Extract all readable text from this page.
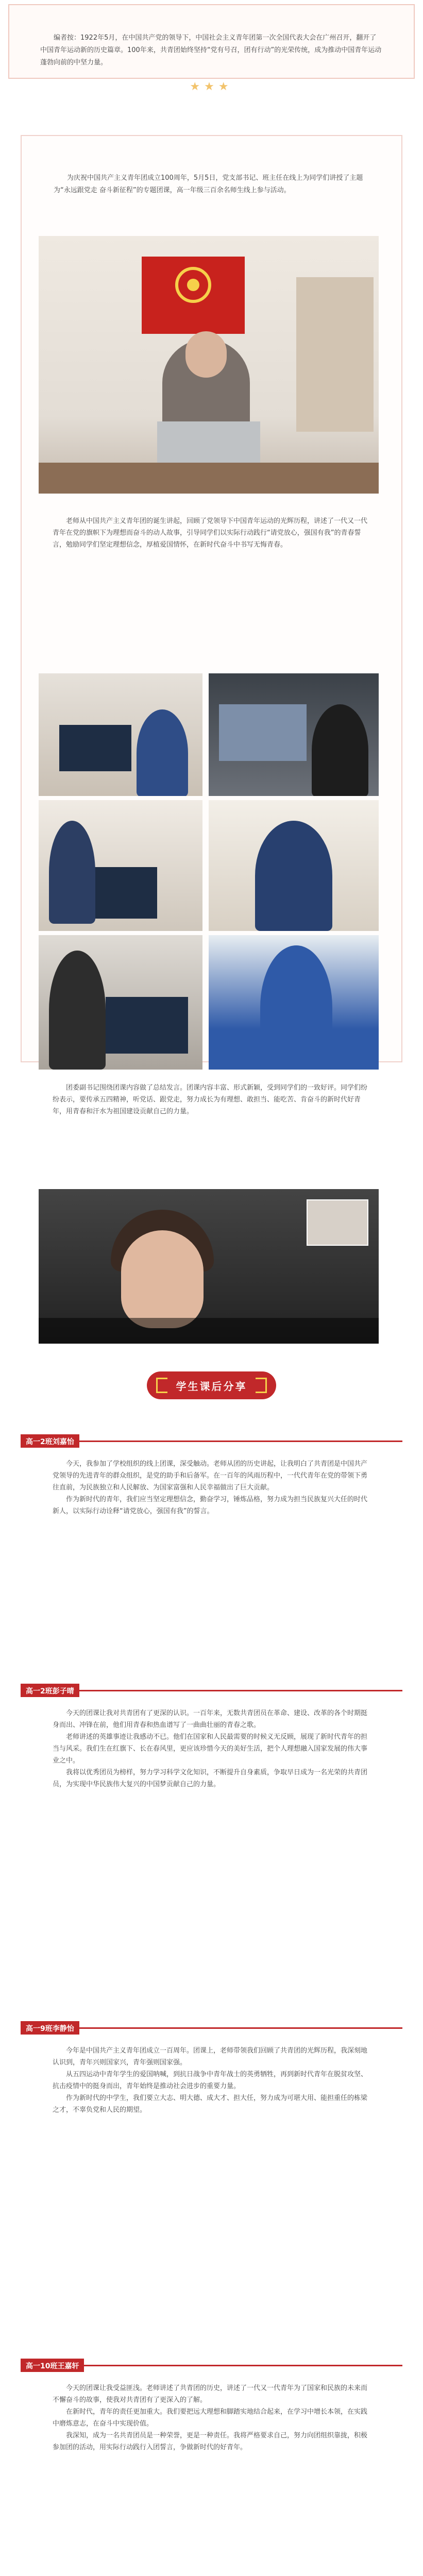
编者按：1922年5月，在中国共产党的领导下，中国社会主义青年团第一次全国代表大会在广州召开，翻开了中国青年运动新的历史篇章。100年来，共青团始终坚持“党有号召，团有行动”的光荣传统，成为推动中国青年运动蓬勃向前的中坚力量。

★★★

为庆祝中国共产主义青年团成立100周年，5月5日，党支部书记、班主任在线上为同学们讲授了主题为“永远跟党走 奋斗新征程”的专题团课，高一年级三百余名师生线上参与活动。

老师从中国共产主义青年团的诞生讲起，回顾了党领导下中国青年运动的光辉历程，讲述了一代又一代青年在党的旗帜下为理想而奋斗的动人故事，引导同学们以实际行动践行“请党放心，强国有我”的青春誓言，勉励同学们坚定理想信念，厚植爱国情怀，在新时代奋斗中书写无悔青春。

团委副书记围绕团课内容做了总结发言。团课内容丰富、形式新颖，受到同学们的一致好评。同学们纷纷表示，要传承五四精神，听党话、跟党走，努力成长为有理想、敢担当、能吃苦、肯奋斗的新时代好青年，用青春和汗水为祖国建设贡献自己的力量。

学生课后分享
高一2班刘嘉怡

今天，我参加了学校组织的线上团课，深受触动。老师从团的历史讲起，让我明白了共青团是中国共产党领导的先进青年的群众组织，是党的助手和后备军。在一百年的风雨历程中，一代代青年在党的带领下勇往直前，为民族独立和人民解放、为国家富强和人民幸福做出了巨大贡献。

作为新时代的青年，我们应当坚定理想信念，勤奋学习，锤炼品格，努力成为担当民族复兴大任的时代新人，以实际行动诠释“请党放心，强国有我”的誓言。

高一2班彭子晴

今天的团课让我对共青团有了更深的认识。一百年来，无数共青团员在革命、建设、改革的各个时期挺身而出、冲锋在前，他们用青春和热血谱写了一曲曲壮丽的青春之歌。

老师讲述的英雄事迹让我感动不已。他们在国家和人民最需要的时候义无反顾，展现了新时代青年的担当与风采。我们生在红旗下、长在春风里，更应该珍惜今天的美好生活，把个人理想融入国家发展的伟大事业之中。

我将以优秀团员为榜样，努力学习科学文化知识，不断提升自身素质，争取早日成为一名光荣的共青团员，为实现中华民族伟大复兴的中国梦贡献自己的力量。

高一9班李静怡

今年是中国共产主义青年团成立一百周年。团课上，老师带领我们回顾了共青团的光辉历程，我深刻地认识到，青年兴则国家兴，青年强则国家强。

从五四运动中青年学生的爱国呐喊，到抗日战争中青年战士的英勇牺牲，再到新时代青年在脱贫攻坚、抗击疫情中的挺身而出，青年始终是推动社会进步的重要力量。

作为新时代的中学生，我们要立大志、明大德、成大才、担大任，努力成为可堪大用、能担重任的栋梁之才，不辜负党和人民的期望。

高一10班王嘉轩

今天的团课让我受益匪浅。老师讲述了共青团的历史，讲述了一代又一代青年为了国家和民族的未来而不懈奋斗的故事，使我对共青团有了更深入的了解。

在新时代，青年的责任更加重大。我们要把远大理想和脚踏实地结合起来，在学习中增长本领，在实践中磨炼意志，在奋斗中实现价值。

我深知，成为一名共青团员是一种荣誉，更是一种责任。我将严格要求自己，努力向团组织靠拢，积极参加团的活动，用实际行动践行入团誓言，争做新时代的好青年。
